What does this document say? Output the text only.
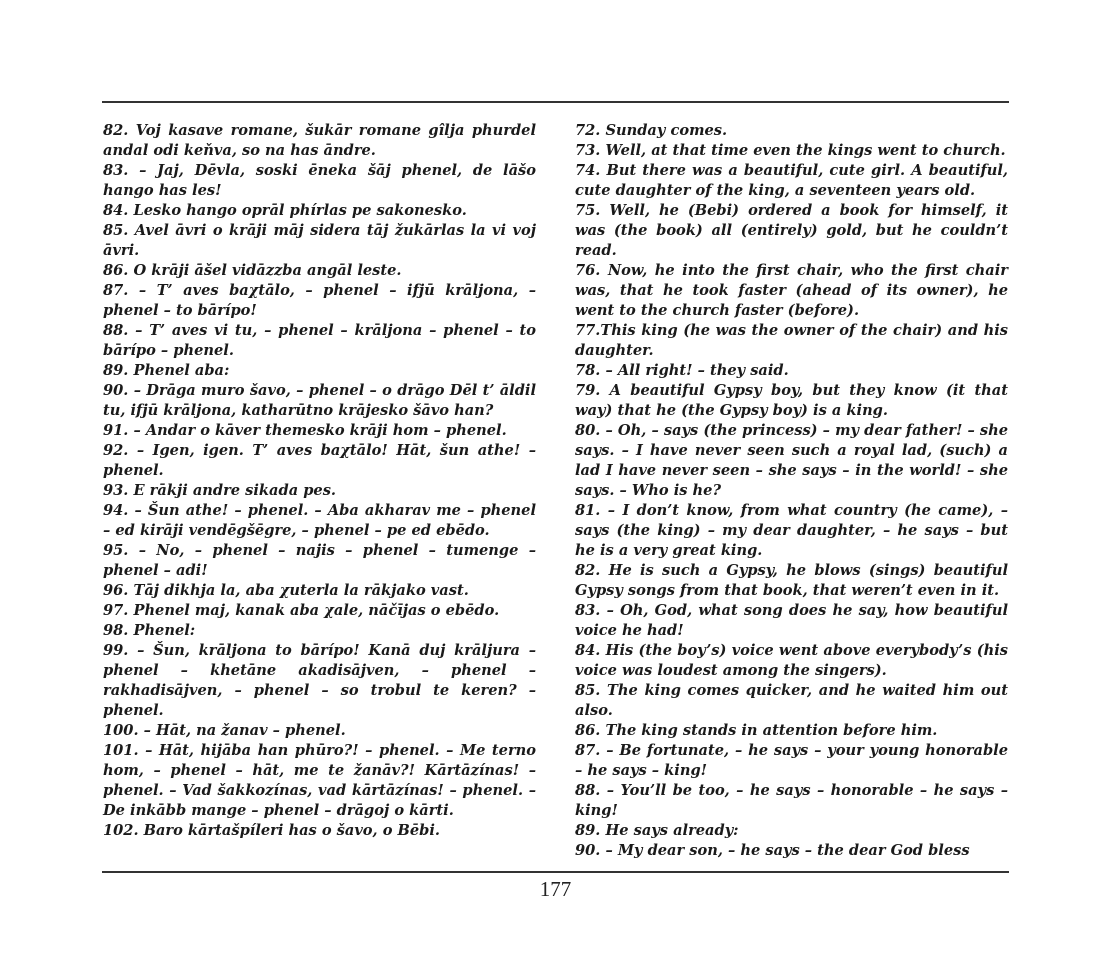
82. Voj kasave romane, šukār romane gîlja phurdel andal odi keňva, so na has āndre.

83. – Jaj, Dēvla, soski ēneka šāj phenel, de lāšo hango has les!

84. Lesko hango oprāl phírlas pe sakonesko.

85. Avel āvri o krāji māj sidera tāj žukārlas la vi voj āvri.

86. O krāji āšel vidāzzba angāl leste.

87. – T’ aves baχtālo, – phenel – ifjū krāljona, – phenel – to bārípo!

88. – T’ aves vi tu, – phenel – krāljona – phenel – to bārípo – phenel.

89. Phenel aba:

90. – Drāga muro šavo, – phenel – o drāgo Dēl t’ āldil tu, ifjū krāljona, katharūtno krājesko šāvo han?

91. – Andar o kāver themesko krāji hom – phenel.

92. – Igen, igen. T’ aves baχtālo! Hāt, šun athe! – phenel.

93. E rākji andre sikada pes.

94. – Šun athe! – phenel. – Aba akharav me – phenel – ed kirāji vendēgšēgre, – phenel – pe ed ebēdo.

95. – No, – phenel – najis – phenel – tumenge – phenel – adi!

96. Tāj dikhja la, aba χuterla la rākjako vast.

97. Phenel maj, kanak aba χale, nāčījas o ebēdo.

98. Phenel:

99. – Šun, krāljona to bārípo! Kanā duj krāljura – phenel – khetāne akadisājven, – phenel – rakhadisājven, – phenel – so trobul te keren? – phenel.

100. – Hāt, na žanav – phenel.

101. – Hāt, hijāba han phūro?! – phenel. – Me terno hom, – phenel – hāt, me te žanāv?! Kārtāzínas! – phenel. – Vad šakkozínas, vad kārtāzínas! – phenel. – De inkābb mange – phenel – drāgoj o kārti.

102. Baro kārtašpíleri has o šavo, o Bēbi.

72. Sunday comes.

73. Well, at that time even the kings went to church.

74. But there was a beautiful, cute girl. A beautiful, cute daughter of the king, a seventeen years old.

75. Well, he (Bebi) ordered a book for himself, it was (the book) all (entirely) gold, but he couldn’t read.

76. Now, he into the first chair, who the first chair was, that he took faster (ahead of its owner), he went to the church faster (before).

77.This king (he was the owner of the chair) and his daughter.

78. – All right! – they said.

79. A beautiful Gypsy boy, but they know (it that way) that he (the Gypsy boy) is a king.

80. – Oh, – says (the princess) – my dear father! – she says. – I have never seen such a royal lad, (such) a lad I have never seen – she says – in the world! – she says. – Who is he?

81. – I don’t know, from what country (he came), – says (the king) – my dear daughter, – he says – but he is a very great king.

82. He is such a Gypsy, he blows (sings) beautiful Gypsy songs from that book, that weren’t even in it.

83. – Oh, God, what song does he say, how beautiful voice he had!

84. His (the boy’s) voice went above everybody’s (his voice was loudest among the singers).

85. The king comes quicker, and he waited him out also.

86. The king stands in attention before him.

87. – Be fortunate, – he says – your young honorable – he says – king!

88. – You’ll be too, – he says – honorable – he says – king!

89. He says already:

90. – My dear son, – he says – the dear God bless

177
